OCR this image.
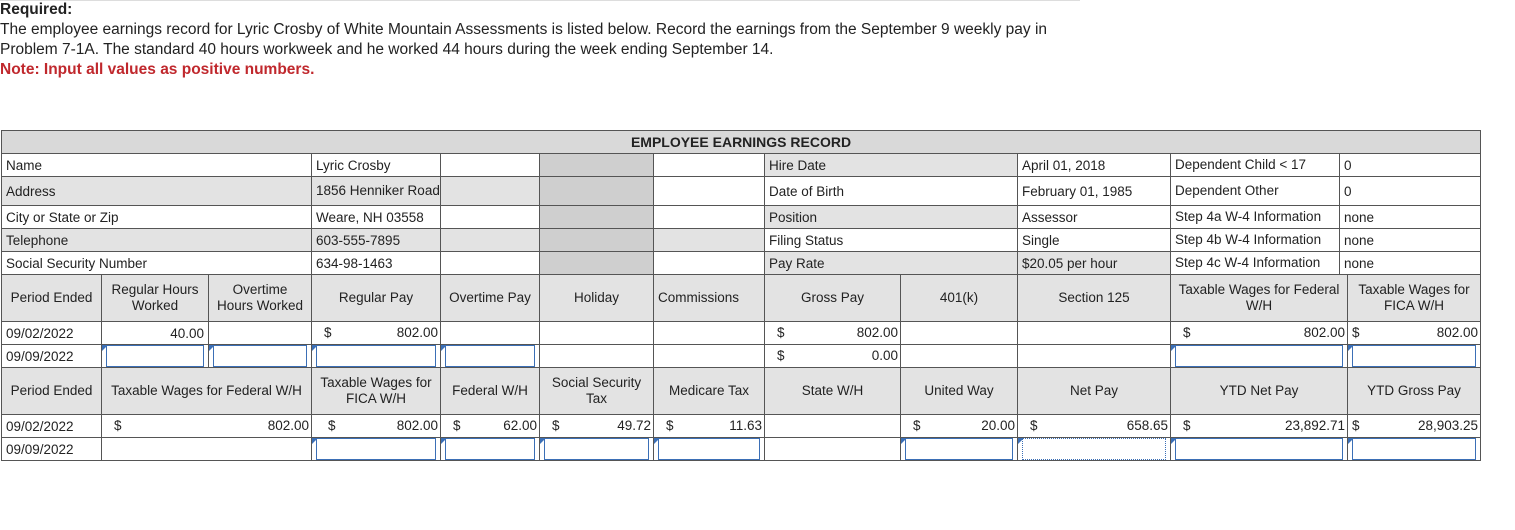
Required:
The employee earnings record for Lyric Crosby of White Mountain Assessments is listed below. Record the earnings from the September 9 weekly pay in Problem 7-1A. The standard 40 hours workweek and he worked 44 hours during the week ending September 14.
Note: Input all values as positive numbers.
EMPLOYEE EARNINGS RECORD											
Name			Lyric Crosby				Hire Date		April 01, 2018	Dependent Child < 17 0	

Address			1856 Henniker Road				Date of Birth		February 01, 1985	Dependent Other 0	

City or State or Zip			Weare, NH 03558				Position		Assessor	Step 4a W-4 Information none	

Telephone			603-555-7895				Filing Status		Single	Step 4b W-4 Information none	

Social Security Number			634-98-1463				Pay Rate		$20.05 per hour	Step 4c W-4 Information none	

Period Ended	Regular Hours Worked	Overtime Hours Worked	Regular Pay	Overtime Pay	Holiday	Commissions	Gross Pay	401(k)	Section 125	Taxable Wages for Federal W/H	Taxable Wages for FICA W/H
09/02/2022	40.00		$ 802.00				$ 802.00			$ 802.00	$ 802.00

09/09/2022							$ 0.00

Period Ended	Taxable Wages for Federal W/H		Taxable Wages for FICA W/H	Federal W/H	Social Security Tax	Medicare Tax	State W/H	United Way	Net Pay	YTD Net Pay	YTD Gross Pay
09/02/2022	$ 802.00		$ 802.00	$ 62.00	$ 49.72	$ 11.63		$ 20.00	$ 658.65	$ 23,892.71	$ 28,903.25

09/09/2022		
